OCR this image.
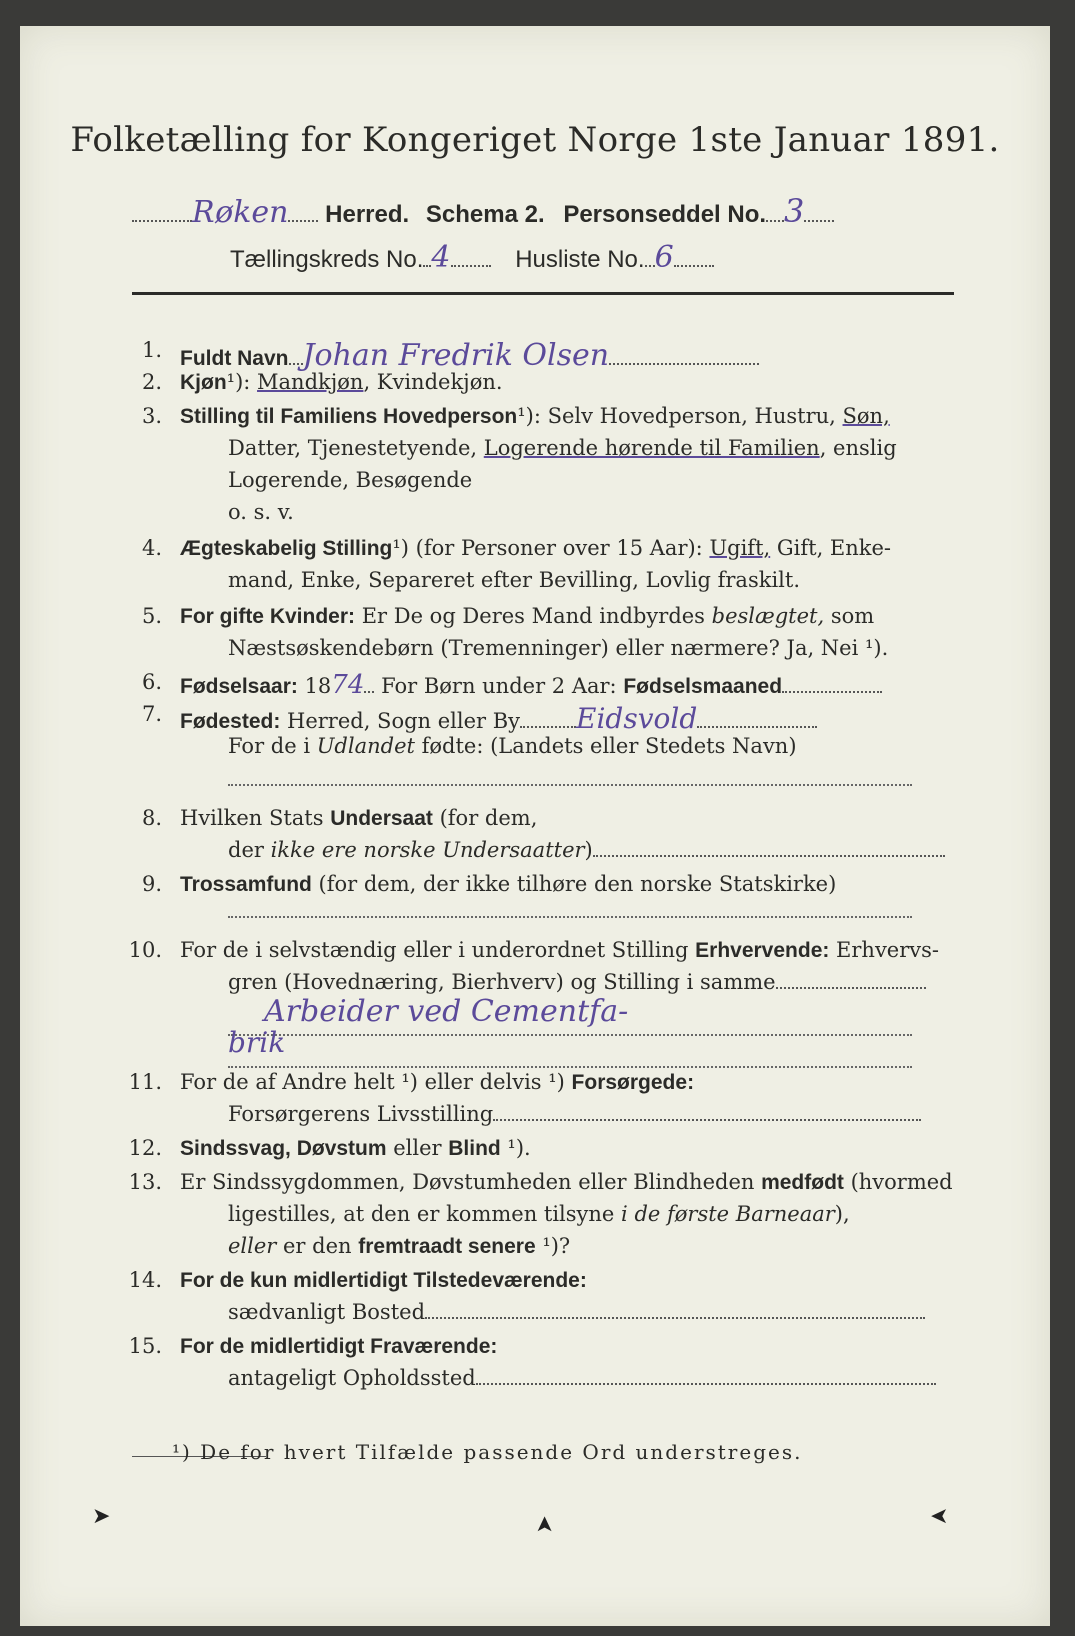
Folketælling for Kongeriget Norge 1ste Januar 1891.
Røken Herred. Schema 2. Personseddel No. 3
Tællingskreds No. 4	Husliste No. 6
1. Fuldt Navn Johan Fredrik Olsen
2. Kjøn¹): Mandkjøn, Kvindekjøn.
3. Stilling til Familiens Hovedperson¹): Selv Hovedperson, Hustru, Søn,
Datter, Tjenestetyende, Logerende hørende til Familien, enslig
Logerende, Besøgende
o. s. v.
4. Ægteskabelig Stilling¹) (for Personer over 15 Aar): Ugift, Gift, Enke-
mand, Enke, Separeret efter Bevilling, Lovlig fraskilt.
5. For gifte Kvinder: Er De og Deres Mand indbyrdes beslægtet, som
Næstsøskendebørn (Tremenninger) eller nærmere? Ja, Nei ¹).
6. Fødselsaar: 1874 For Børn under 2 Aar: Fødselsmaaned
7. Fødested: Herred, Sogn eller By Eidsvold
For de i Udlandet fødte: (Landets eller Stedets Navn)
8. Hvilken Stats Undersaat (for dem,
der ikke ere norske Undersaatter)
9. Trossamfund (for dem, der ikke tilhøre den norske Statskirke)
10. For de i selvstændig eller i underordnet Stilling Erhvervende: Erhvervs-
gren (Hovednæring, Bierhverv) og Stilling i samme
Arbeider ved Cementfa-
brik
11. For de af Andre helt ¹) eller delvis ¹) Forsørgede:
Forsørgerens Livsstilling
12. Sindssvag, Døvstum eller Blind ¹).
13. Er Sindssygdommen, Døvstumheden eller Blindheden medfødt (hvormed
ligestilles, at den er kommen tilsyne i de første Barneaar),
eller er den fremtraadt senere ¹)?
14. For de kun midlertidigt Tilstedeværende:
sædvanligt Bosted
15. For de midlertidigt Fraværende:
antageligt Opholdssted
¹) De for hvert Tilfælde passende Ord understreges.
➤	➤	➤
